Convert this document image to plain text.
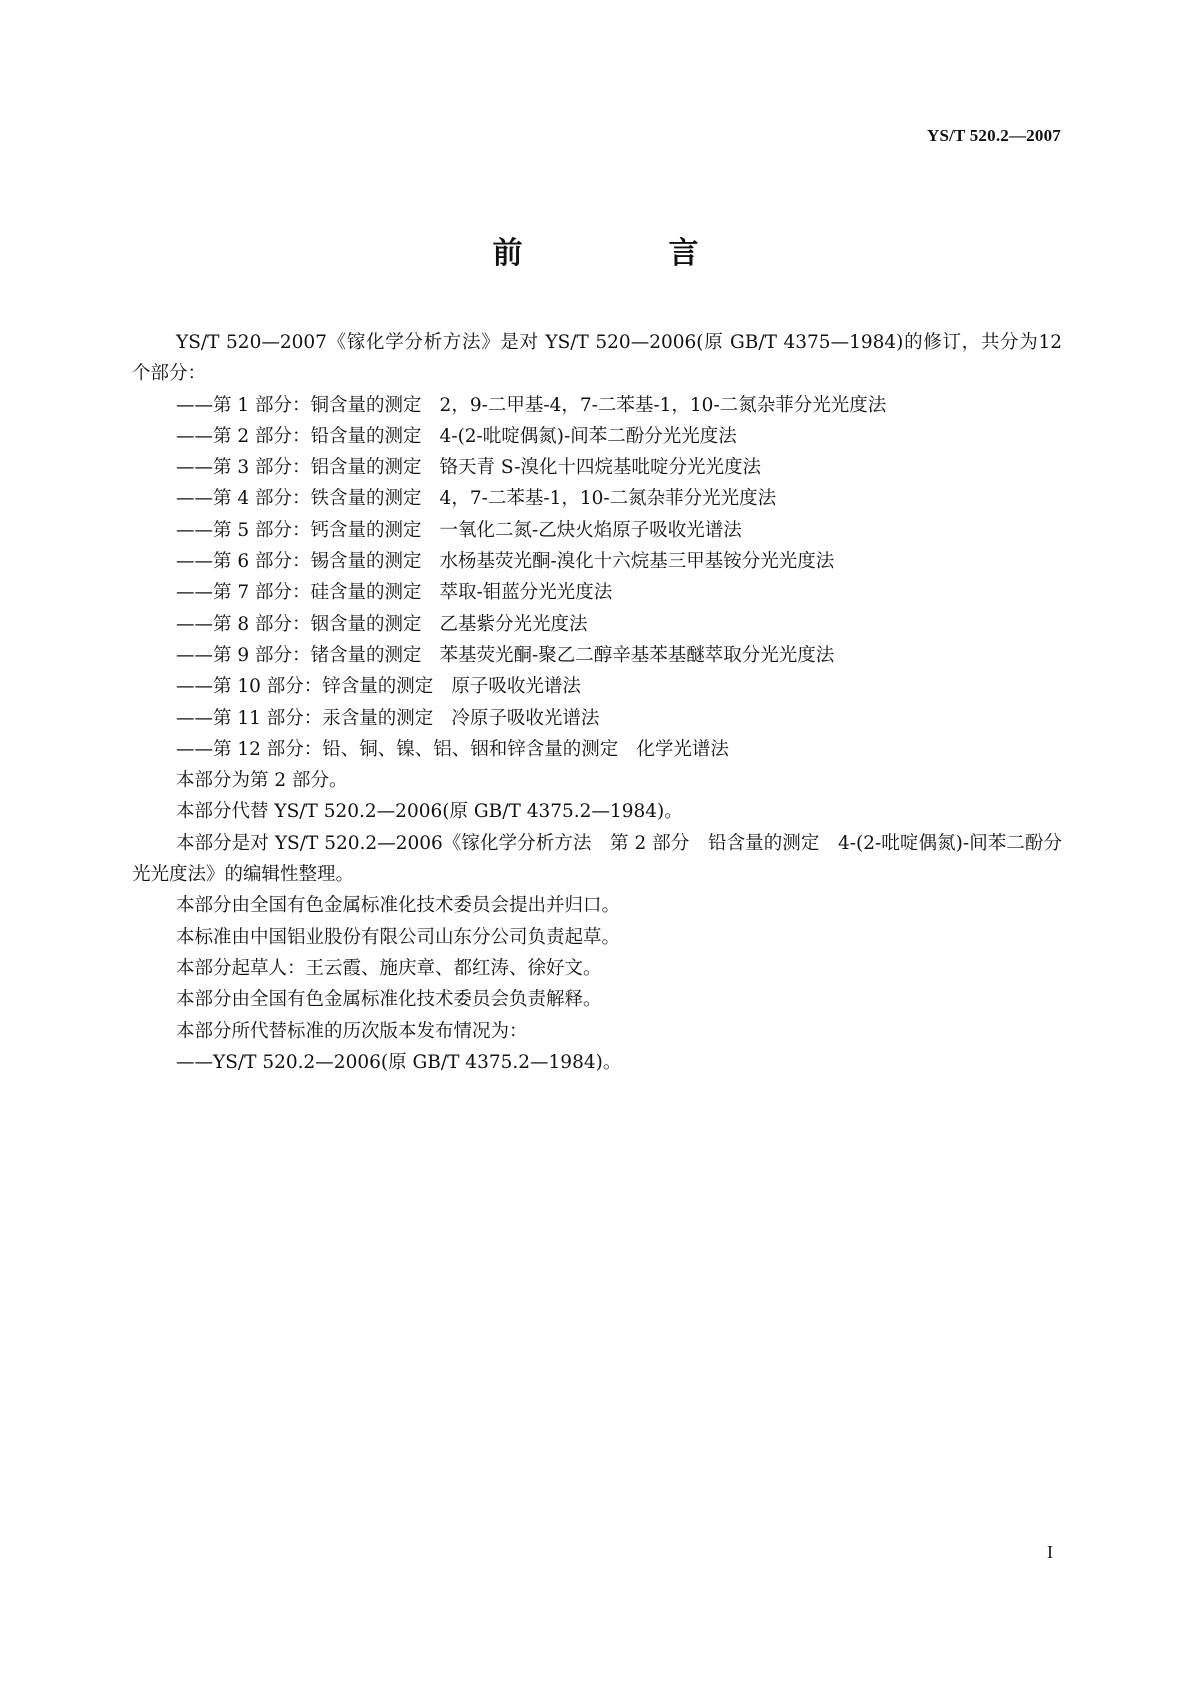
YS/T 520.2—2007
前　言

YS/T 520—2007《镓化学分析方法》是对 YS/T 520—2006(原 GB/T 4375—1984)的修订，共分为12 个部分：

——第 1 部分：铜含量的测定 2，9-二甲基-4，7-二苯基-1，10-二氮杂菲分光光度法

——第 2 部分：铅含量的测定 4-(2-吡啶偶氮)-间苯二酚分光光度法

——第 3 部分：铝含量的测定 铬天青 S-溴化十四烷基吡啶分光光度法

——第 4 部分：铁含量的测定 4，7-二苯基-1，10-二氮杂菲分光光度法

——第 5 部分：钙含量的测定 一氧化二氮-乙炔火焰原子吸收光谱法

——第 6 部分：锡含量的测定 水杨基荧光酮-溴化十六烷基三甲基铵分光光度法

——第 7 部分：硅含量的测定 萃取-钼蓝分光光度法

——第 8 部分：铟含量的测定 乙基紫分光光度法

——第 9 部分：锗含量的测定 苯基荧光酮-聚乙二醇辛基苯基醚萃取分光光度法

——第 10 部分：锌含量的测定 原子吸收光谱法

——第 11 部分：汞含量的测定 冷原子吸收光谱法

——第 12 部分：铅、铜、镍、铝、铟和锌含量的测定 化学光谱法

本部分为第 2 部分。

本部分代替 YS/T 520.2—2006(原 GB/T 4375.2—1984)。

本部分是对 YS/T 520.2—2006《镓化学分析方法　第 2 部分　铅含量的测定　4-(2-吡啶偶氮)-间苯二酚分光光度法》的编辑性整理。

本部分由全国有色金属标准化技术委员会提出并归口。

本标准由中国铝业股份有限公司山东分公司负责起草。

本部分起草人：王云霞、施庆章、都红涛、徐好文。

本部分由全国有色金属标准化技术委员会负责解释。

本部分所代替标准的历次版本发布情况为：

——YS/T 520.2—2006(原 GB/T 4375.2—1984)。

I
